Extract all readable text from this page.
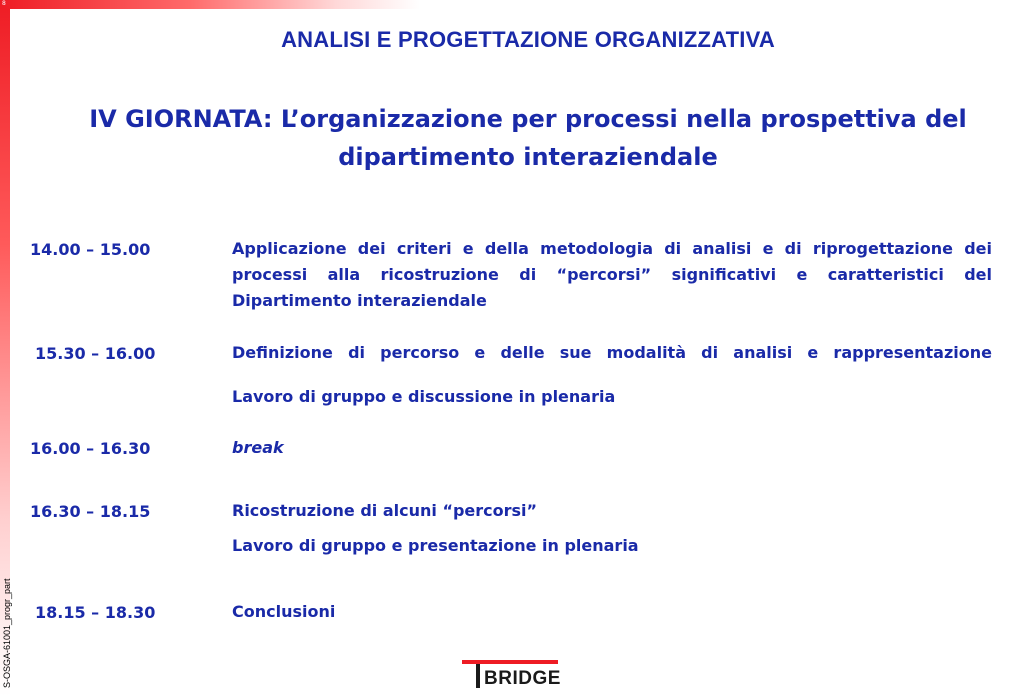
8
S-OSGA-61001_progr_part
ANALISI E PROGETTAZIONE ORGANIZZATIVA
IV GIORNATA: L’organizzazione per processi nella prospettiva del dipartimento interaziendale
14.00 – 15.00	Applicazione dei criteri e della metodologia di analisi e di riprogettazione dei processi alla ricostruzione di “percorsi” significativi e caratteristici del Dipartimento interaziendale
15.30 – 16.00	Definizione di percorso e delle sue modalità di analisi e rappresentazione
Lavoro di gruppo e discussione in plenaria
16.00 – 16.30	break
16.30 – 18.15	Ricostruzione di alcuni “percorsi”
Lavoro di gruppo e presentazione in plenaria
18.15 – 18.30	Conclusioni
BRIDGE
